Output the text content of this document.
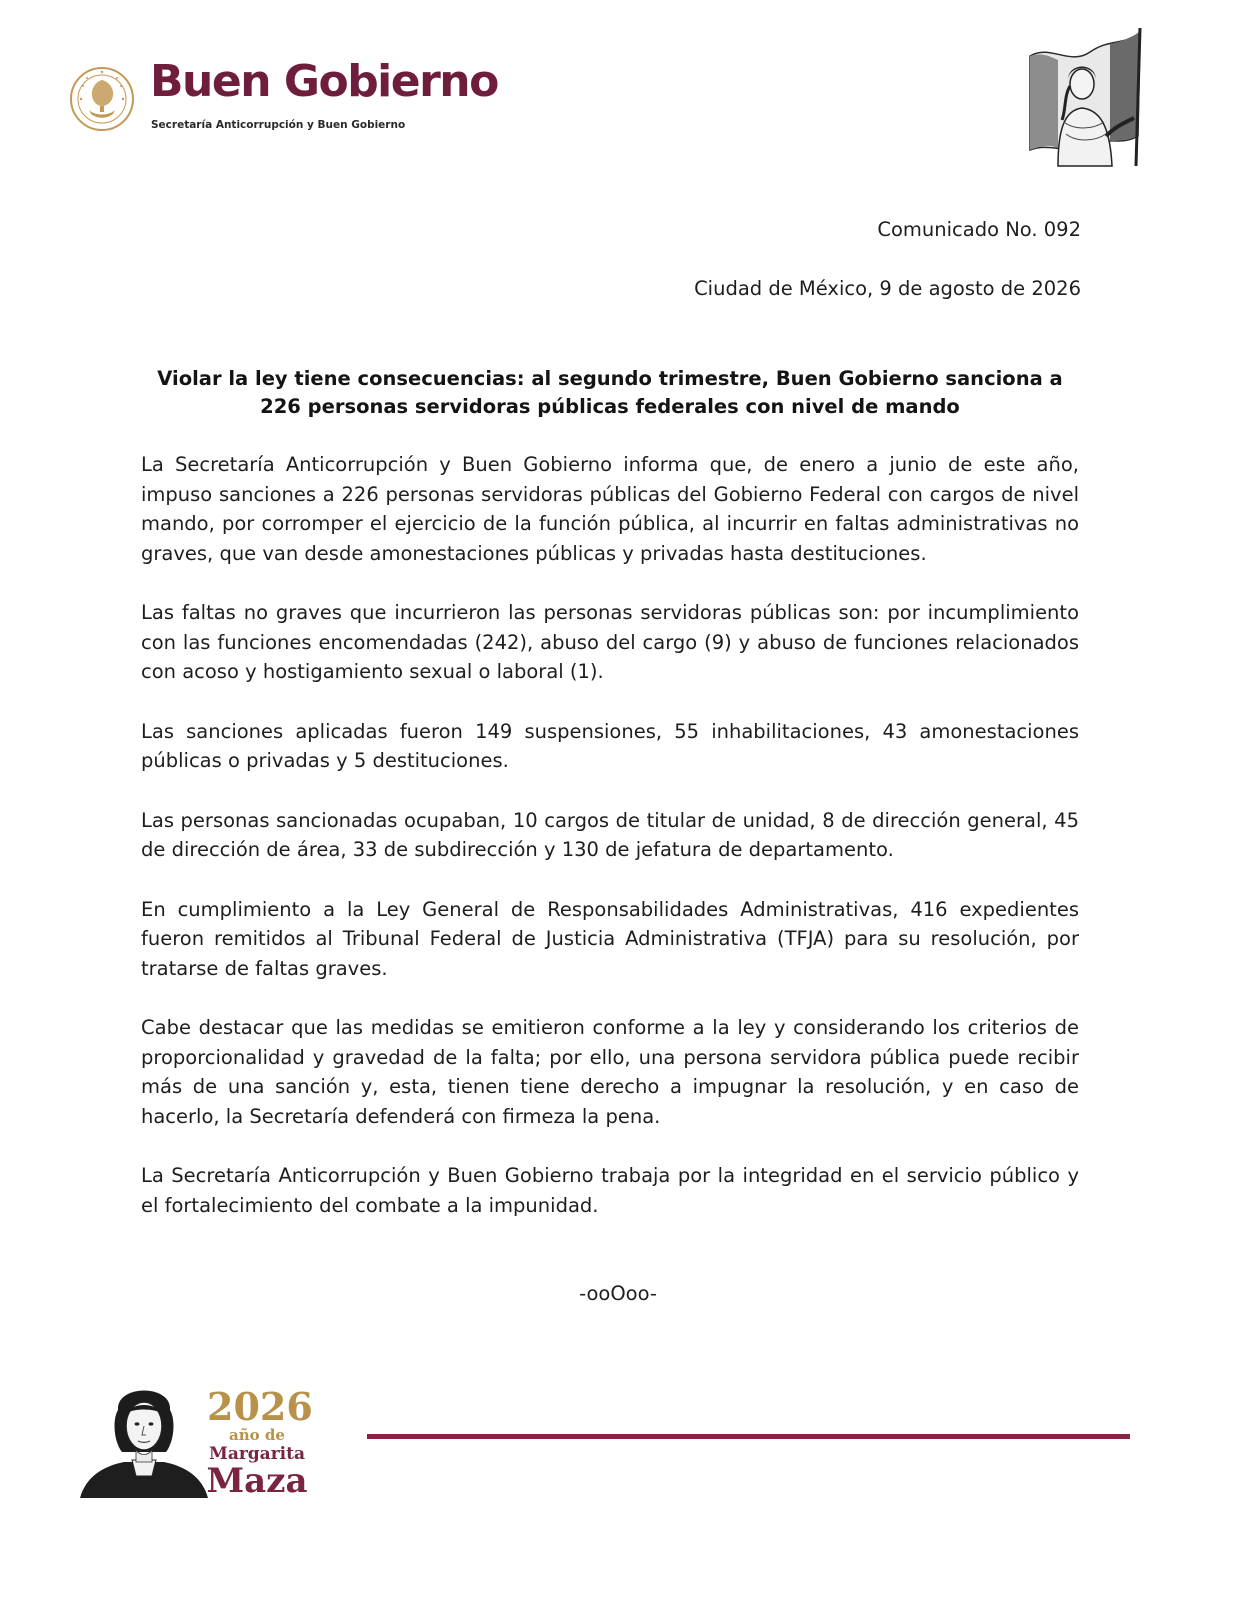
Buen Gobierno
Secretaría Anticorrupción y Buen Gobierno
Comunicado No. 092
Ciudad de México, 9 de agosto de 2026
Violar la ley tiene consecuencias: al segundo trimestre, Buen Gobierno sanciona a 226 personas servidoras públicas federales con nivel de mando

La Secretaría Anticorrupción y Buen Gobierno informa que, de enero a junio de este año, impuso sanciones a 226 personas servidoras públicas del Gobierno Federal con cargos de nivel mando, por corromper el ejercicio de la función pública, al incurrir en faltas administrativas no graves, que van desde amonestaciones públicas y privadas hasta destituciones.

Las faltas no graves que incurrieron las personas servidoras públicas son: por incumplimiento con las funciones encomendadas (242), abuso del cargo (9) y abuso de funciones relacionados con acoso y hostigamiento sexual o laboral (1).

Las sanciones aplicadas fueron 149 suspensiones, 55 inhabilitaciones, 43 amonestaciones públicas o privadas y 5 destituciones.

Las personas sancionadas ocupaban, 10 cargos de titular de unidad, 8 de dirección general, 45 de dirección de área, 33 de subdirección y 130 de jefatura de departamento.

En cumplimiento a la Ley General de Responsabilidades Administrativas, 416 expedientes fueron remitidos al Tribunal Federal de Justicia Administrativa (TFJA) para su resolución, por tratarse de faltas graves.

Cabe destacar que las medidas se emitieron conforme a la ley y considerando los criterios de proporcionalidad y gravedad de la falta; por ello, una persona servidora pública puede recibir más de una sanción y, esta, tienen tiene derecho a impugnar la resolución, y en caso de hacerlo, la Secretaría defenderá con firmeza la pena.

La Secretaría Anticorrupción y Buen Gobierno trabaja por la integridad en el servicio público y el fortalecimiento del combate a la impunidad.

-ooOoo-
2026
año de
Margarita
Maza
